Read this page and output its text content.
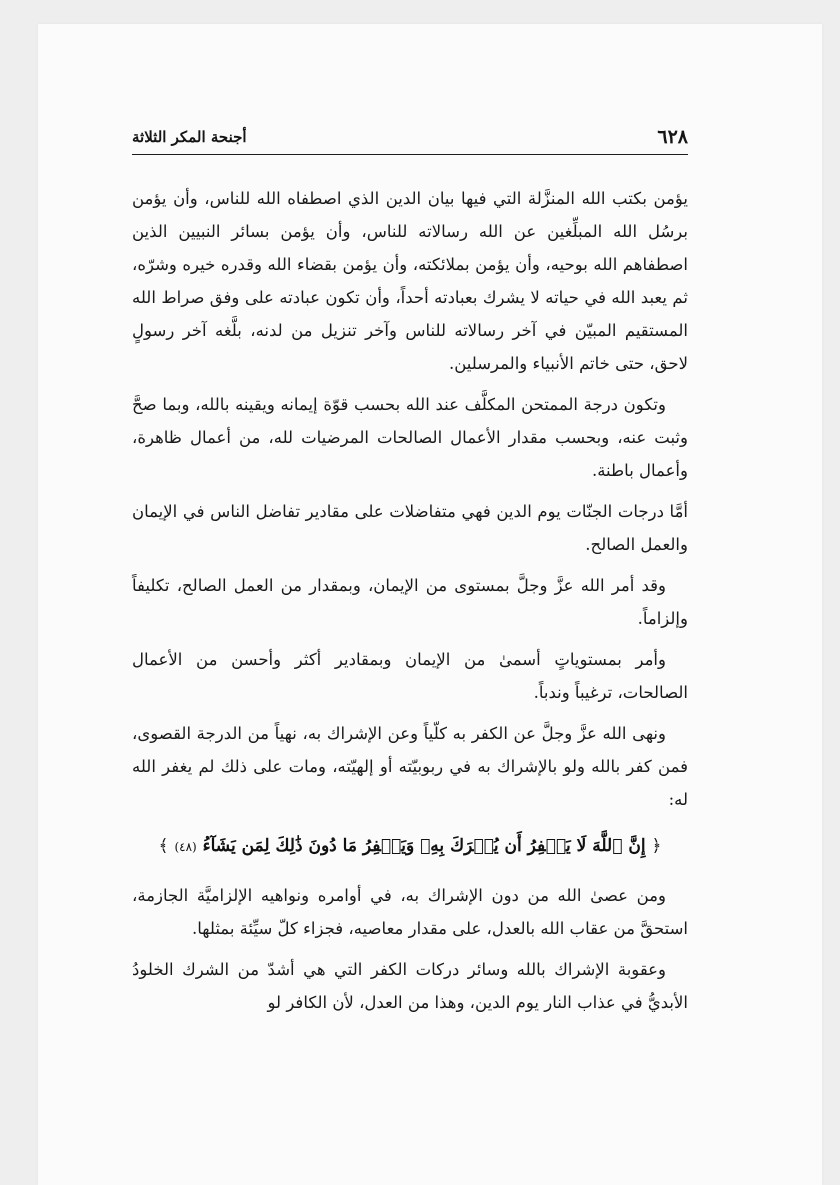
٦٢٨
أجنحة المكر الثلاثة

يؤمن بكتب الله المنزَّلة التي فيها بيان الدين الذي اصطفاه الله للناس، وأن يؤمن برسُل الله المبلِّغين عن الله رسالاته للناس، وأن يؤمن بسائر النبيين الذين اصطفاهم الله بوحيه، وأن يؤمن بملائكته، وأن يؤمن بقضاء الله وقدره خيره وشرّه، ثم يعبد الله في حياته لا يشرك بعبادته أحداً، وأن تكون عبادته على وفق صراط الله المستقيم المبيّن في آخر رسالاته للناس وآخر تنزيل من لدنه، بلَّغه آخر رسولٍ لاحق، حتى خاتم الأنبياء والمرسلين.

وتكون درجة الممتحن المكلَّف عند الله بحسب قوّة إيمانه ويقينه بالله، وبما صحَّ وثبت عنه، وبحسب مقدار الأعمال الصالحات المرضيات لله، من أعمال ظاهرة، وأعمال باطنة.

أمَّا درجات الجنّات يوم الدين فهي متفاضلات على مقادير تفاضل الناس في الإيمان والعمل الصالح.

وقد أمر الله عزَّ وجلَّ بمستوى من الإيمان، وبمقدار من العمل الصالح، تكليفاً وإلزاماً.

وأمر بمستوياتٍ أسمىٰ من الإيمان وبمقادير أكثر وأحسن من الأعمال الصالحات، ترغيباً وندباً.

ونهى الله عزَّ وجلَّ عن الكفر به كلّياً وعن الإشراك به، نهياً من الدرجة القصوى، فمن كفر بالله ولو بالإشراك به في ربوبيّته أو إلهيّته، ومات على ذلك لم يغفر الله له:

﴿ إِنَّ ٱللَّهَ لَا يَغۡفِرُ أَن يُشۡرَكَ بِهِۦ وَيَغۡفِرُ مَا دُونَ ذَٰلِكَ لِمَن يَشَآءُ (٤٨) ﴾

ومن عصىٰ الله من دون الإشراك به، في أوامره ونواهيه الإلزاميَّة الجازمة، استحقَّ من عقاب الله بالعدل، على مقدار معاصيه، فجزاء كلّ سيِّئة بمثلها.

وعقوبة الإشراك بالله وسائر دركات الكفر التي هي أشدّ من الشرك الخلودُ الأبديُّ في عذاب النار يوم الدين، وهذا من العدل، لأن الكافر لو
